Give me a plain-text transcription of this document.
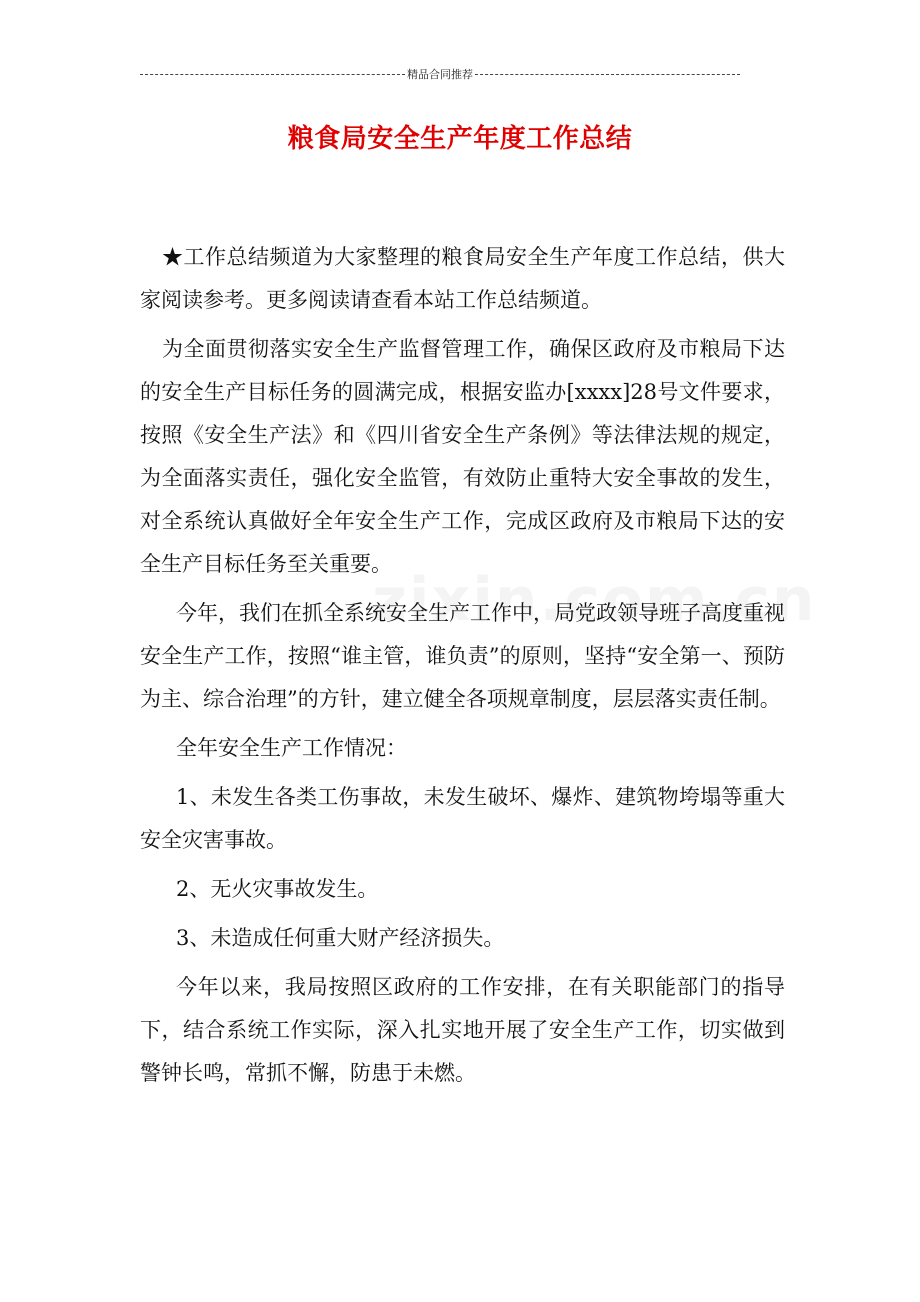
精品合同推荐
粮食局安全生产年度工作总结

★工作总结频道为大家整理的粮食局安全生产年度工作总结，供大家阅读参考。更多阅读请查看本站工作总结频道。

为全面贯彻落实安全生产监督管理工作，确保区政府及市粮局下达的安全生产目标任务的圆满完成，根据安监办[xxxx]28号文件要求，按照《安全生产法》和《四川省安全生产条例》等法律法规的规定，为全面落实责任，强化安全监管，有效防止重特大安全事故的发生，对全系统认真做好全年安全生产工作，完成区政府及市粮局下达的安全生产目标任务至关重要。

今年，我们在抓全系统安全生产工作中，局党政领导班子高度重视安全生产工作，按照“谁主管，谁负责”的原则，坚持“安全第一、预防为主、综合治理”的方针，建立健全各项规章制度，层层落实责任制。

全年安全生产工作情况：

1、未发生各类工伤事故，未发生破坏、爆炸、建筑物垮塌等重大安全灾害事故。

2、无火灾事故发生。

3、未造成任何重大财产经济损失。

今年以来，我局按照区政府的工作安排，在有关职能部门的指导下，结合系统工作实际，深入扎实地开展了安全生产工作，切实做到警钟长鸣，常抓不懈，防患于未燃。
